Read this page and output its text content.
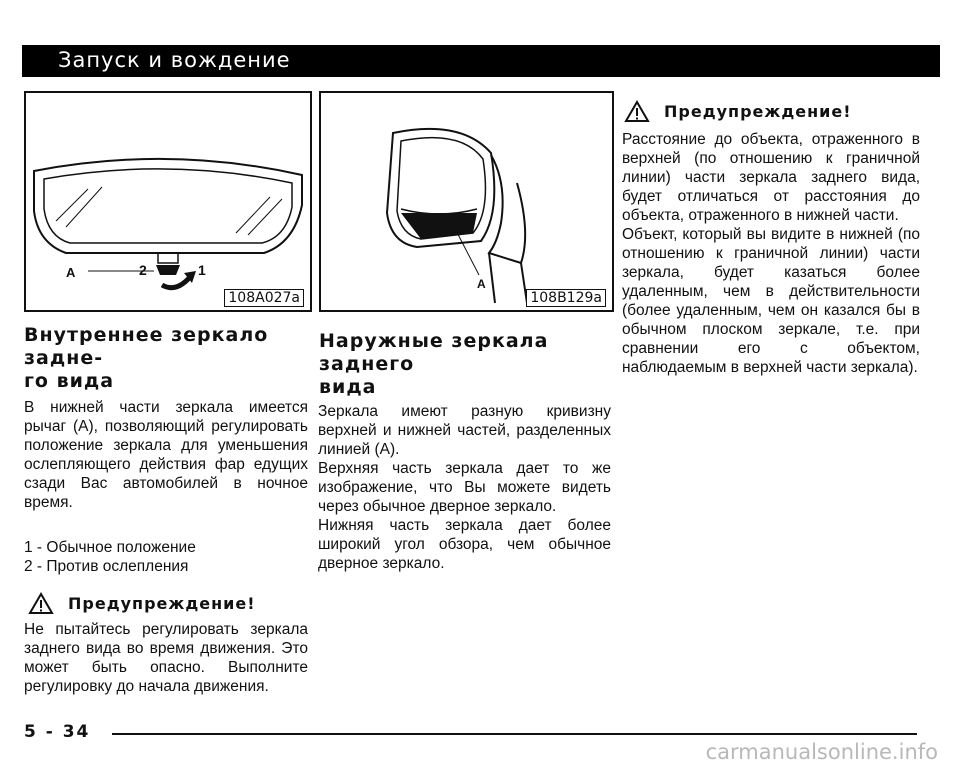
Запуск и вождение
A	2	1
108A027a
A
108B129a
Внутреннее зеркало задне-
го вида

В нижней части зеркала имеется рычаг (А), позволяющий регулировать положение зеркала для уменьшения ослепляющего действия фар едущих сзади Вас автомобилей в ночное время.

1 - Обычное положение
2 - Против ослепления
Предупреждение!

Не пытайтесь регулировать зеркала заднего вида во время движения. Это может быть опасно. Выполните регулировку до начала движения.

Наружные зеркала заднего
вида

Зеркала имеют разную кривизну верхней и нижней частей, разделенных линией (А).

Верхняя часть зеркала дает то же изображение, что Вы можете видеть через обычное дверное зеркало.

Нижняя часть зеркала дает более широкий угол обзора, чем обычное дверное зеркало.

Предупреждение!

Расстояние до объекта, отраженного в верхней (по отношению к граничной линии) части зеркала заднего вида, будет отличаться от расстояния до объекта, отраженного в нижней части.

Объект, который вы видите в нижней (по отношению к граничной линии) части зеркала, будет казаться более удаленным, чем в действительности (более удаленным, чем он казался бы в обычном плоском зеркале, т.е. при сравнении его с объектом, наблюдаемым в верхней части зеркала).

5 - 34
carmanualsonline.info
